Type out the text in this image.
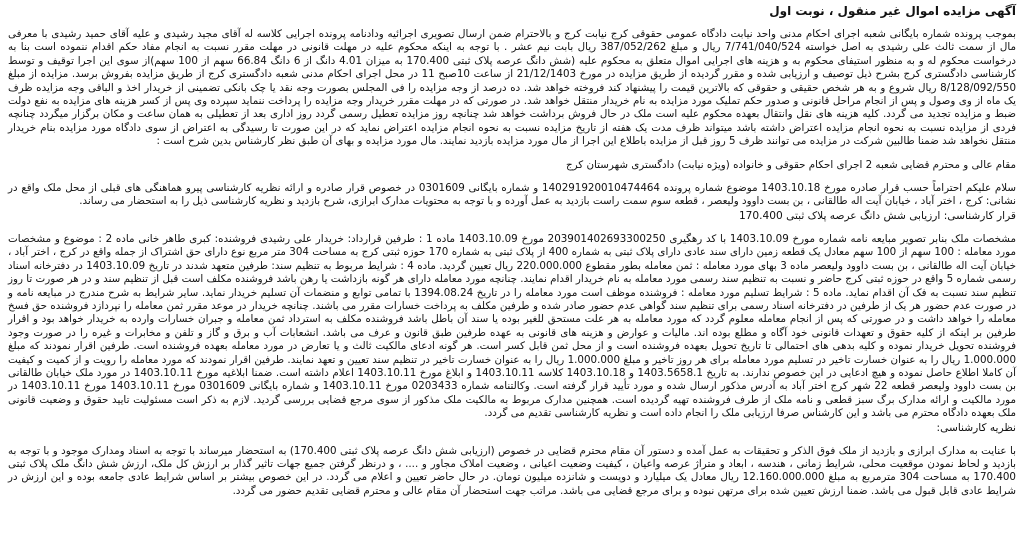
آگهی مزایده اموال غیر منقول ، نوبت اول

بموجب پرونده شماره بایگانی شعبه اجرای احکام مدنی واحد نیابت دادگاه عمومی حقوقی کرج نیابت کرج و بالاحترام ضمن ارسال تصویری اجرائیه ودادنامه پرونده اجرایی کلاسه له آقای مجید رشیدی و علیه آقای حمید رشیدی با معرفی مال از سمت ثالث علی رشیدی به اصل خواسته 7/741/040/524 ریال و مبلغ 387/052/262 ریال بابت نیم عشر . با توجه به اینکه محکوم علیه در مهلت قانونی در مهلت مقرر نسبت به انجام مفاد حکم اقدام ننموده است بنا به درخواست محکوم له و به منظور استیفای محکوم به و هزینه های اجرایی اموال متعلق به محکوم علیه (شش دانگ عرصه پلاک ثبتی 170.400 به میزان 4.01 دانگ از 6 دانگ 66.84 سهم از 100 سهم)از سوی این اجرا توقیف و توسط کارشناسی دادگستری کرج بشرح ذیل توصیف و ارزیابی شده و مقرر گردیده از طریق مزایده در مورخ 21/12/1403 از ساعت 10صبح 11 در محل اجرای احکام مدنی شعبه دادگستری کرج از طریق مزایده بفروش برسد. مزایده از مبلغ 8/128/092/550 ریال شروع و به هر شخص حقیقی و حقوقی که بالاترین قیمت را پیشنهاد کند فروخته خواهد شد. ده درصد از وجه مزایده را فی المجلس بصورت وجه نقد یا چک بانکی تضمینی از خریدار اخذ و الباقی وجه مزایده ظرف یک ماه از وی وصول و پس از انجام مراحل قانونی و صدور حکم تملیک مورد مزایده به نام خریدار منتقل خواهد شد. در صورتی که در مهلت مقرر خریدار وجه مزایده را پرداخت ننماید سپرده وی پس از کسر هزینه های مزایده به نفع دولت ضبط و مزایده تجدید می گردد. کلیه هزینه های نقل وانتقال بعهده محکوم علیه است ملک در حال فروش برداشت خواهد شد چنانچه روز مزایده تعطیل رسمی گردد روز اداری بعد از تعطیلی به همان ساعت و مکان برگزار میگردد چنانچه فردی از مزایده نسبت به نحوه انجام مزایده اعتراض داشته باشد میتواند ظرف مدت یک هفته از تاریخ مزایده نسبت به نحوه انجام مزایده اعتراض نماید که در این صورت تا رسیدگی به اعتراض از سوی دادگاه مورد مزایده بنام خریدار منتقل نخواهد شد ضمنا طالبین شرکت در مزایده می توانند ظرف 5 روز قبل از مزایده باطلاع این اجرا از مال مورد مزایده بازدید نمایند. مال مورد مزایده و بهای آن طبق نظر کارشناس بدین شرح است :

مقام عالی و محترم قضایی شعبه 2 اجرای احکام حقوقی و خانواده (ویژه نیابت) دادگستری شهرستان کرج

سلام علیکم احتراماً حسب قرار صادره مورخ 1403.10.18 موضوع شماره پرونده 140291920010474464 و شماره بایگانی 0301609 در خصوص قرار صادره و ارائه نظریه کارشناسی پیرو هماهنگی های قبلی از محل ملک واقع در نشانی: کرج ، اختر آباد ، خیابان آیت اله طالقانی ، بن بست داوود ولیعصر ، قطعه سوم سمت راست بازدید به عمل آورده و با توجه به محتویات مدارک ابرازی، شرح بازدید و نظریه کارشناسی ذیل را به استحضار می رساند.

قرار کارشناسی: ارزیابی شش دانگ عرصه پلاک ثبتی 170.400

مشخصات ملک بنابر تصویر مبایعه نامه شماره مورخ 1403.10.09 با کد رهگیری 203901402693300250 مورخ 1403.10.09 ماده 1 : طرفین قرارداد: خریدار علی رشیدی فروشنده: کبری طاهر خانی ماده 2 : موضوع و مشخصات مورد معامله : 100 سهم از 100 سهم معادل یک قطعه زمین دارای سند عادی دارای پلاک ثبتی به شماره 400 از پلاک ثبتی به شماره 170 حوزه ثبتی کرج به مساحت 304 متر مربع نوع دارای حق اشتراک از جمله واقع در کرج ، اختر آباد ، خیابان آیت اله طالقانی ، بن بست داوود ولیعصر ماده 3 بهای مورد معامله : ثمن معامله بطور مقطوع 220.000.000 ریال تعیین گردید. ماده 4 : شرایط مربوط به تنظیم سند: طرفین متعهد شدند در تاریخ 1403.10.09 در دفترخانه اسناد رسمی شماره 5 واقع در حوزه ثبتی کرج حاضر و نسبت به تنظیم سند رسمی مورد معامله به نام خریدار اقدام نمایند. چنانچه مورد معامله دارای هر گونه بازداشت یا رهن باشد فروشنده مکلف است قبل از تنظیم سند و در هر صورت تا روز تنظیم سند نسبت به فک آن اقدام نماید. ماده 5 : شرایط تسلیم مورد معامله : فروشنده موظف است مورد معامله را در تاریخ 1394.08.24 با تمامی توابع و منضمات آن تسلیم خریدار نماید. سایر شرایط به شرح مندرج در مبایعه نامه و در صورت عدم حضور هر یک از طرفین در دفترخانه اسناد رسمی برای تنظیم سند گواهی عدم حضور صادر شده و طرفین مکلف به پرداخت خسارات مقرر می باشند. چنانچه خریدار در موعد مقرر ثمن معامله را نپردازد فروشنده حق فسخ معامله را خواهد داشت و در صورتی که پس از انجام معامله معلوم گردد که مورد معامله به هر علت مستحق للغیر بوده یا سند آن باطل باشد فروشنده مکلف به استرداد ثمن معامله و جبران خسارات وارده به خریدار خواهد بود و اقرار طرفین بر اینکه از کلیه حقوق و تعهدات قانونی خود آگاه و مطلع بوده اند. مالیات و عوارض و هزینه های قانونی به عهده طرفین طبق قانون و عرف می باشد. انشعابات آب و برق و گاز و تلفن و مخابرات و غیره را در صورت وجود فروشنده تحویل خریدار نموده و کلیه بدهی های احتمالی تا تاریخ تحویل بعهده فروشنده است و از محل ثمن قابل کسر است. هر گونه ادعای مالکیت ثالث و یا تعارض در مورد معامله بعهده فروشنده است. طرفین اقرار نمودند که مبلغ 1.000.000 ریال را به عنوان خسارت تاخیر در تسلیم مورد معامله برای هر روز تاخیر و مبلغ 1.000.000 ریال را به عنوان خسارت تاخیر در تنظیم سند تعیین و تعهد نمایند. طرفین اقرار نمودند که مورد معامله را رویت و از کمیت و کیفیت آن کاملا اطلاع حاصل نموده و هیچ ادعایی در این خصوص ندارند. به تاریخ 1403.5658.1 و 1403.10.18 کلاسه 1403.10.11 و ابلاغ مورخ 1403.10.11 اعلام داشته است. ضمنا ابلاغیه مورخ 1403.10.11 در مورد ملک خیابان طالقانی بن بست داوود ولیعصر قطعه 22 شهر کرج اختر آباد به آدرس مذکور ارسال شده و مورد تأیید قرار گرفته است. وکالتنامه شماره 0203433 مورخ 1403.10.11 و شماره بایگانی 0301609 مورخ 1403.10.11 مورخ 1403.10.11 در مورد مالکیت و ارائه مدارک برگ سبز قطعی و نامه ملک از طرف فروشنده تهیه گردیده است. همچنین مدارک مربوط به مالکیت ملک مذکور از سوی مرجع قضایی بررسی گردید. لازم به ذکر است مسئولیت تایید حقوق و وضعیت قانونی ملک بعهده دادگاه محترم می باشد و این کارشناس صرفا ارزیابی ملک را انجام داده است و نظریه کارشناسی تقدیم می گردد.

نظریه کارشناسی:

با عنایت به مدارک ابرازی و بازدید از ملک فوق الذکر و تحقیقات به عمل آمده و دستور آن مقام محترم قضایی در خصوص (ارزیابی شش دانگ عرصه پلاک ثبتی 170.400) به استحضار میرساند با توجه به اسناد ومدارک موجود و با توجه به بازدید و لحاظ نمودن موقعیت محلی، شرایط زمانی ، هندسه ، ابعاد و متراژ عرصه واعیان ، کیفیت وضعیت اعیانی ، وضعیت املاک مجاور و .... ، و درنظر گرفتن جمیع جهات تاثیر گذار بر ارزش کل ملک، ارزش شش دانگ ملک پلاک ثبتی 170.400 به مساحت 304 مترمربع به مبلغ 12.160.000.000 ریال معادل یک میلیارد و دویست و شانزده میلیون تومان. در حال حاضر تعیین و اعلام می گردد. در این خصوص بیشتر بر اساس شرایط عادی جامعه بوده و این ارزش در شرایط عادی قابل قبول می باشد. ضمنا ارزش تعیین شده برای مرتهن نبوده و برای مرجع قضایی می باشد. مراتب جهت استحضار آن مقام عالی و محترم قضایی تقدیم حضور می گردد.
